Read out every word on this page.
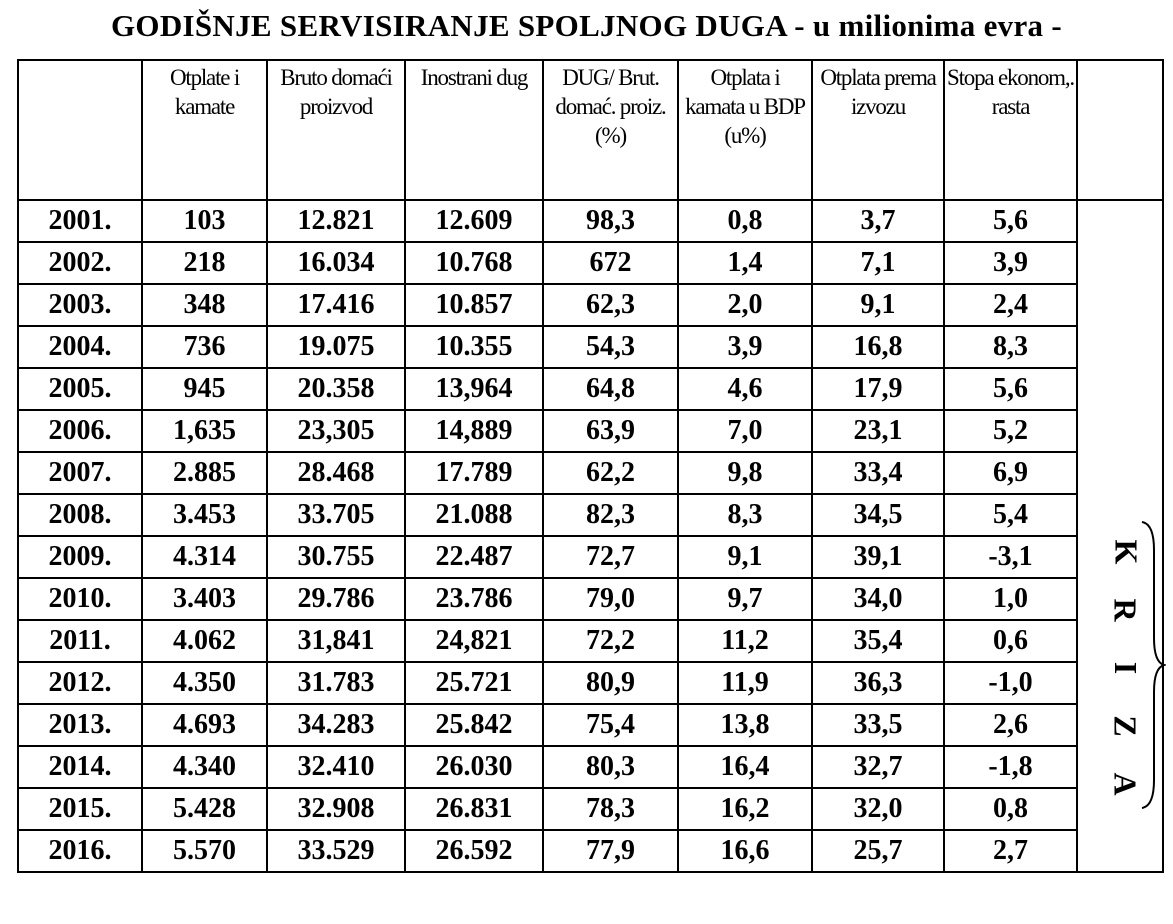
GODIŠNJE SERVISIRANJE SPOLJNOG DUGA - u milionima evra -
	Otplate i kamate	Bruto domaći proizvod	Inostrani dug	DUG/ Brut. domać. proiz. (%)	Otplata i kamata u BDP (u%)	Otplata prema izvozu	Stopa ekonom,. rasta	
2001.	103	12.821	12.609	98,3	0,8	3,7	5,6	
2002.	218	16.034	10.768	672	1,4	7,1	3,9	
2003.	348	17.416	10.857	62,3	2,0	9,1	2,4	
2004.	736	19.075	10.355	54,3	3,9	16,8	8,3	
2005.	945	20.358	13,964	64,8	4,6	17,9	5,6	
2006.	1,635	23,305	14,889	63,9	7,0	23,1	5,2	
2007.	2.885	28.468	17.789	62,2	9,8	33,4	6,9	
2008.	3.453	33.705	21.088	82,3	8,3	34,5	5,4	
2009.	4.314	30.755	22.487	72,7	9,1	39,1	-3,1	
2010.	3.403	29.786	23.786	79,0	9,7	34,0	1,0	
2011.	4.062	31,841	24,821	72,2	11,2	35,4	0,6	
2012.	4.350	31.783	25.721	80,9	11,9	36,3	-1,0	
2013.	4.693	34.283	25.842	75,4	13,8	33,5	2,6	
2014.	4.340	32.410	26.030	80,3	16,4	32,7	-1,8	
2015.	5.428	32.908	26.831	78,3	16,2	32,0	0,8	
2016.	5.570	33.529	26.592	77,9	16,6	25,7	2,7	
K
R
I
Z
A
